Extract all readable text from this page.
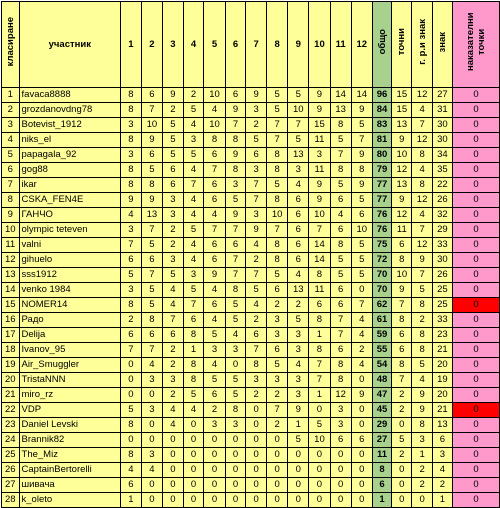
класиране	участник	1	2	3	4	5	6	7	8	9	10	11	12	общо	точни	г. р.и знак	знак	наказателни точки
1	favaca8888	8	6	9	2	10	6	9	5	5	9	14	14	96	15	12	27	0
2	grozdanovdng78	8	7	2	5	4	9	3	5	10	9	13	9	84	15	4	31	0
3	Botevist_1912	3	10	5	4	10	7	2	7	7	15	8	5	83	13	7	30	0
4	niks_el	8	9	5	3	8	8	5	7	5	11	5	7	81	9	12	30	0
5	papagala_92	3	6	5	5	6	9	6	8	13	3	7	9	80	10	8	34	0
6	gog88	8	5	6	4	7	8	3	8	3	11	8	8	79	12	4	35	0
7	ikar	8	8	6	7	6	3	7	5	4	9	5	9	77	13	8	22	0
8	CSKA_FEN4E	9	9	3	4	6	5	7	8	6	9	6	5	77	9	12	26	0
9	ГАНЧО	4	13	3	4	4	9	3	10	6	10	4	6	76	12	4	32	0
10	olympic teteven	3	7	2	5	7	7	9	7	6	7	6	10	76	11	7	29	0
11	valni	7	5	2	4	6	6	4	8	6	14	8	5	75	6	12	33	0
12	gihuelo	6	6	3	4	6	7	2	8	6	14	5	5	72	8	9	30	0
13	sss1912	5	7	5	3	9	7	7	5	4	8	5	5	70	10	7	26	0
14	venko 1984	3	5	4	5	4	8	5	6	13	11	6	0	70	9	5	25	0
15	NOMER14	8	5	4	7	6	5	4	2	2	6	6	7	62	7	8	25	0
16	Радо	2	8	7	6	4	5	2	3	5	8	7	4	61	8	2	33	0
17	Delija	6	6	6	8	5	4	6	3	3	1	7	4	59	6	8	23	0
18	Ivanov_95	7	7	2	1	3	3	7	6	3	8	6	2	55	6	8	21	0
19	Air_Smuggler	0	4	2	8	4	0	8	5	4	7	8	4	54	8	5	20	0
20	TristaNNN	0	3	3	8	5	5	3	3	3	7	8	0	48	7	4	19	0
21	miro_rz	0	0	2	5	6	5	2	2	3	1	12	9	47	2	9	20	0
22	VDP	5	3	4	4	2	8	0	7	9	0	3	0	45	2	9	21	0
23	Daniel Levski	8	0	4	0	3	3	0	2	1	5	3	0	29	0	8	13	0
24	Brannik82	0	0	0	0	0	0	0	0	5	10	6	6	27	5	3	6	0
25	The_Miz	8	3	0	0	0	0	0	0	0	0	0	0	11	2	1	3	0
26	CaptainBertorelli	4	4	0	0	0	0	0	0	0	0	0	0	8	0	2	4	0
27	шивача	6	0	0	0	0	0	0	0	0	0	0	0	6	0	2	2	0
28	k_oleto	1	0	0	0	0	0	0	0	0	0	0	0	1	0	0	1	0
